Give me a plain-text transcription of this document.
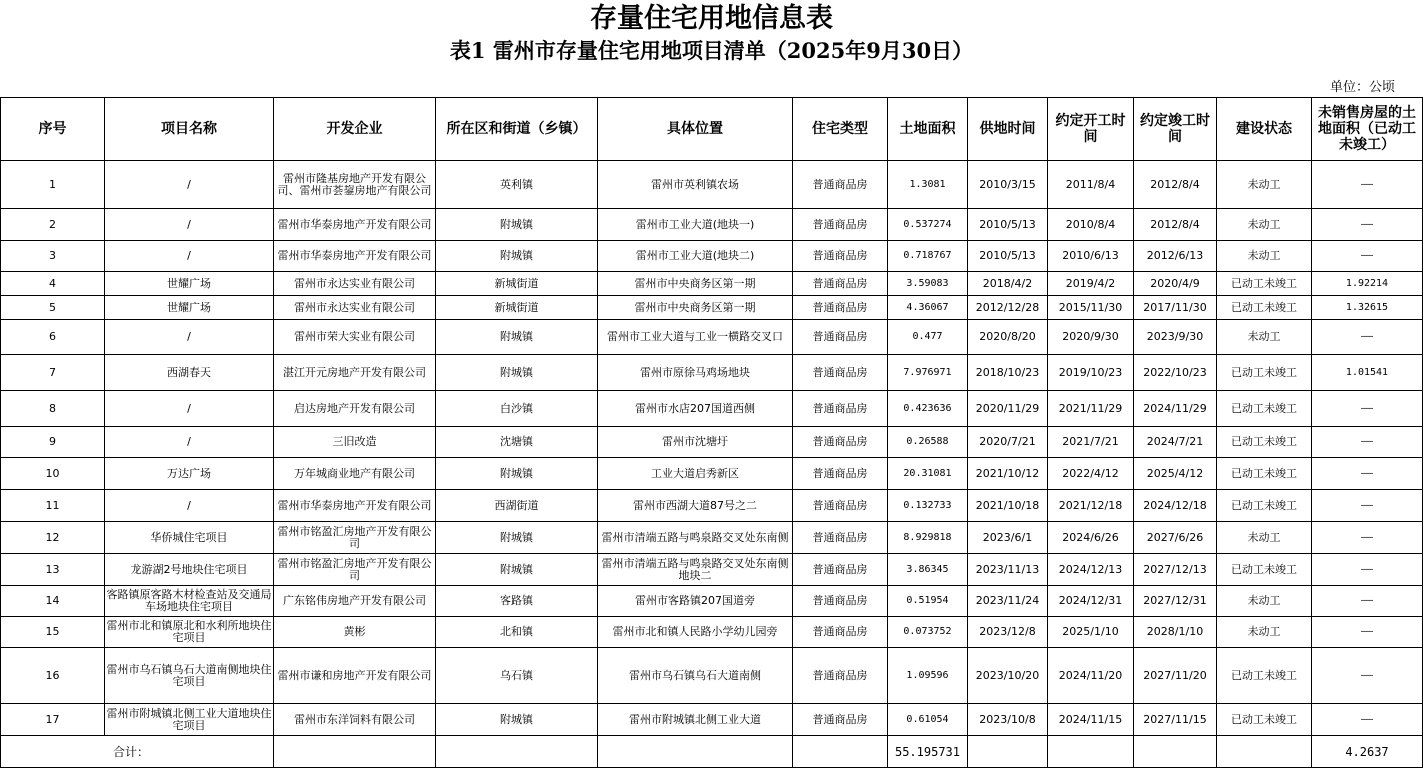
存量住宅用地信息表
表1 雷州市存量住宅用地项目清单（2025年9月30日）
单位：公顷
序号	项目名称	开发企业	所在区和街道（乡镇）	具体位置	住宅类型	土地面积	供地时间	约定开工时间	约定竣工时间	建设状态	未销售房屋的土地面积（已动工未竣工）
1	/	雷州市隆基房地产开发有限公司、雷州市荟鋆房地产有限公司	英利镇	雷州市英利镇农场	普通商品房	1.3081	2010/3/15	2011/8/4	2012/8/4	未动工	——
2	/	雷州市华泰房地产开发有限公司	附城镇	雷州市工业大道(地块一)	普通商品房	0.537274	2010/5/13	2010/8/4	2012/8/4	未动工	——
3	/	雷州市华泰房地产开发有限公司	附城镇	雷州市工业大道(地块二)	普通商品房	0.718767	2010/5/13	2010/6/13	2012/6/13	未动工	——
4	世耀广场	雷州市永达实业有限公司	新城街道	雷州市中央商务区第一期	普通商品房	3.59083	2018/4/2	2019/4/2	2020/4/9	已动工未竣工	1.92214
5	世耀广场	雷州市永达实业有限公司	新城街道	雷州市中央商务区第一期	普通商品房	4.36067	2012/12/28	2015/11/30	2017/11/30	已动工未竣工	1.32615
6	/	雷州市荣大实业有限公司	附城镇	雷州市工业大道与工业一横路交叉口	普通商品房	0.477	2020/8/20	2020/9/30	2023/9/30	未动工	——
7	西湖春天	湛江开元房地产开发有限公司	附城镇	雷州市原徐马鸡场地块	普通商品房	7.976971	2018/10/23	2019/10/23	2022/10/23	已动工未竣工	1.01541
8	/	启达房地产开发有限公司	白沙镇	雷州市水店207国道西侧	普通商品房	0.423636	2020/11/29	2021/11/29	2024/11/29	已动工未竣工	——
9	/	三旧改造	沈塘镇	雷州市沈塘圩	普通商品房	0.26588	2020/7/21	2021/7/21	2024/7/21	已动工未竣工	——
10	万达广场	万年城商业地产有限公司	附城镇	工业大道启秀新区	普通商品房	20.31081	2021/10/12	2022/4/12	2025/4/12	已动工未竣工	——
11	/	雷州市华泰房地产开发有限公司	西湖街道	雷州市西湖大道87号之二	普通商品房	0.132733	2021/10/18	2021/12/18	2024/12/18	已动工未竣工	——
12	华侨城住宅项目	雷州市铭盈汇房地产开发有限公司	附城镇	雷州市清端五路与鸣泉路交叉处东南侧	普通商品房	8.929818	2023/6/1	2024/6/26	2027/6/26	未动工	——
13	龙游湖2号地块住宅项目	雷州市铭盈汇房地产开发有限公司	附城镇	雷州市清端五路与鸣泉路交叉处东南侧地块二	普通商品房	3.86345	2023/11/13	2024/12/13	2027/12/13	已动工未竣工	——
14	客路镇原客路木材检查站及交通局车场地块住宅项目	广东铭伟房地产开发有限公司	客路镇	雷州市客路镇207国道旁	普通商品房	0.51954	2023/11/24	2024/12/31	2027/12/31	未动工	——
15	雷州市北和镇原北和水利所地块住宅项目	黄彬	北和镇	雷州市北和镇人民路小学幼儿园旁	普通商品房	0.073752	2023/12/8	2025/1/10	2028/1/10	未动工	——
16	雷州市乌石镇乌石大道南侧地块住宅项目	雷州市谦和房地产开发有限公司	乌石镇	雷州市乌石镇乌石大道南侧	普通商品房	1.09596	2023/10/20	2024/11/20	2027/11/20	已动工未竣工	——
17	雷州市附城镇北侧工业大道地块住宅项目	雷州市东洋饲料有限公司	附城镇	雷州市附城镇北侧工业大道	普通商品房	0.61054	2023/10/8	2024/11/15	2027/11/15	已动工未竣工	——
合计：						55.195731					4.2637
